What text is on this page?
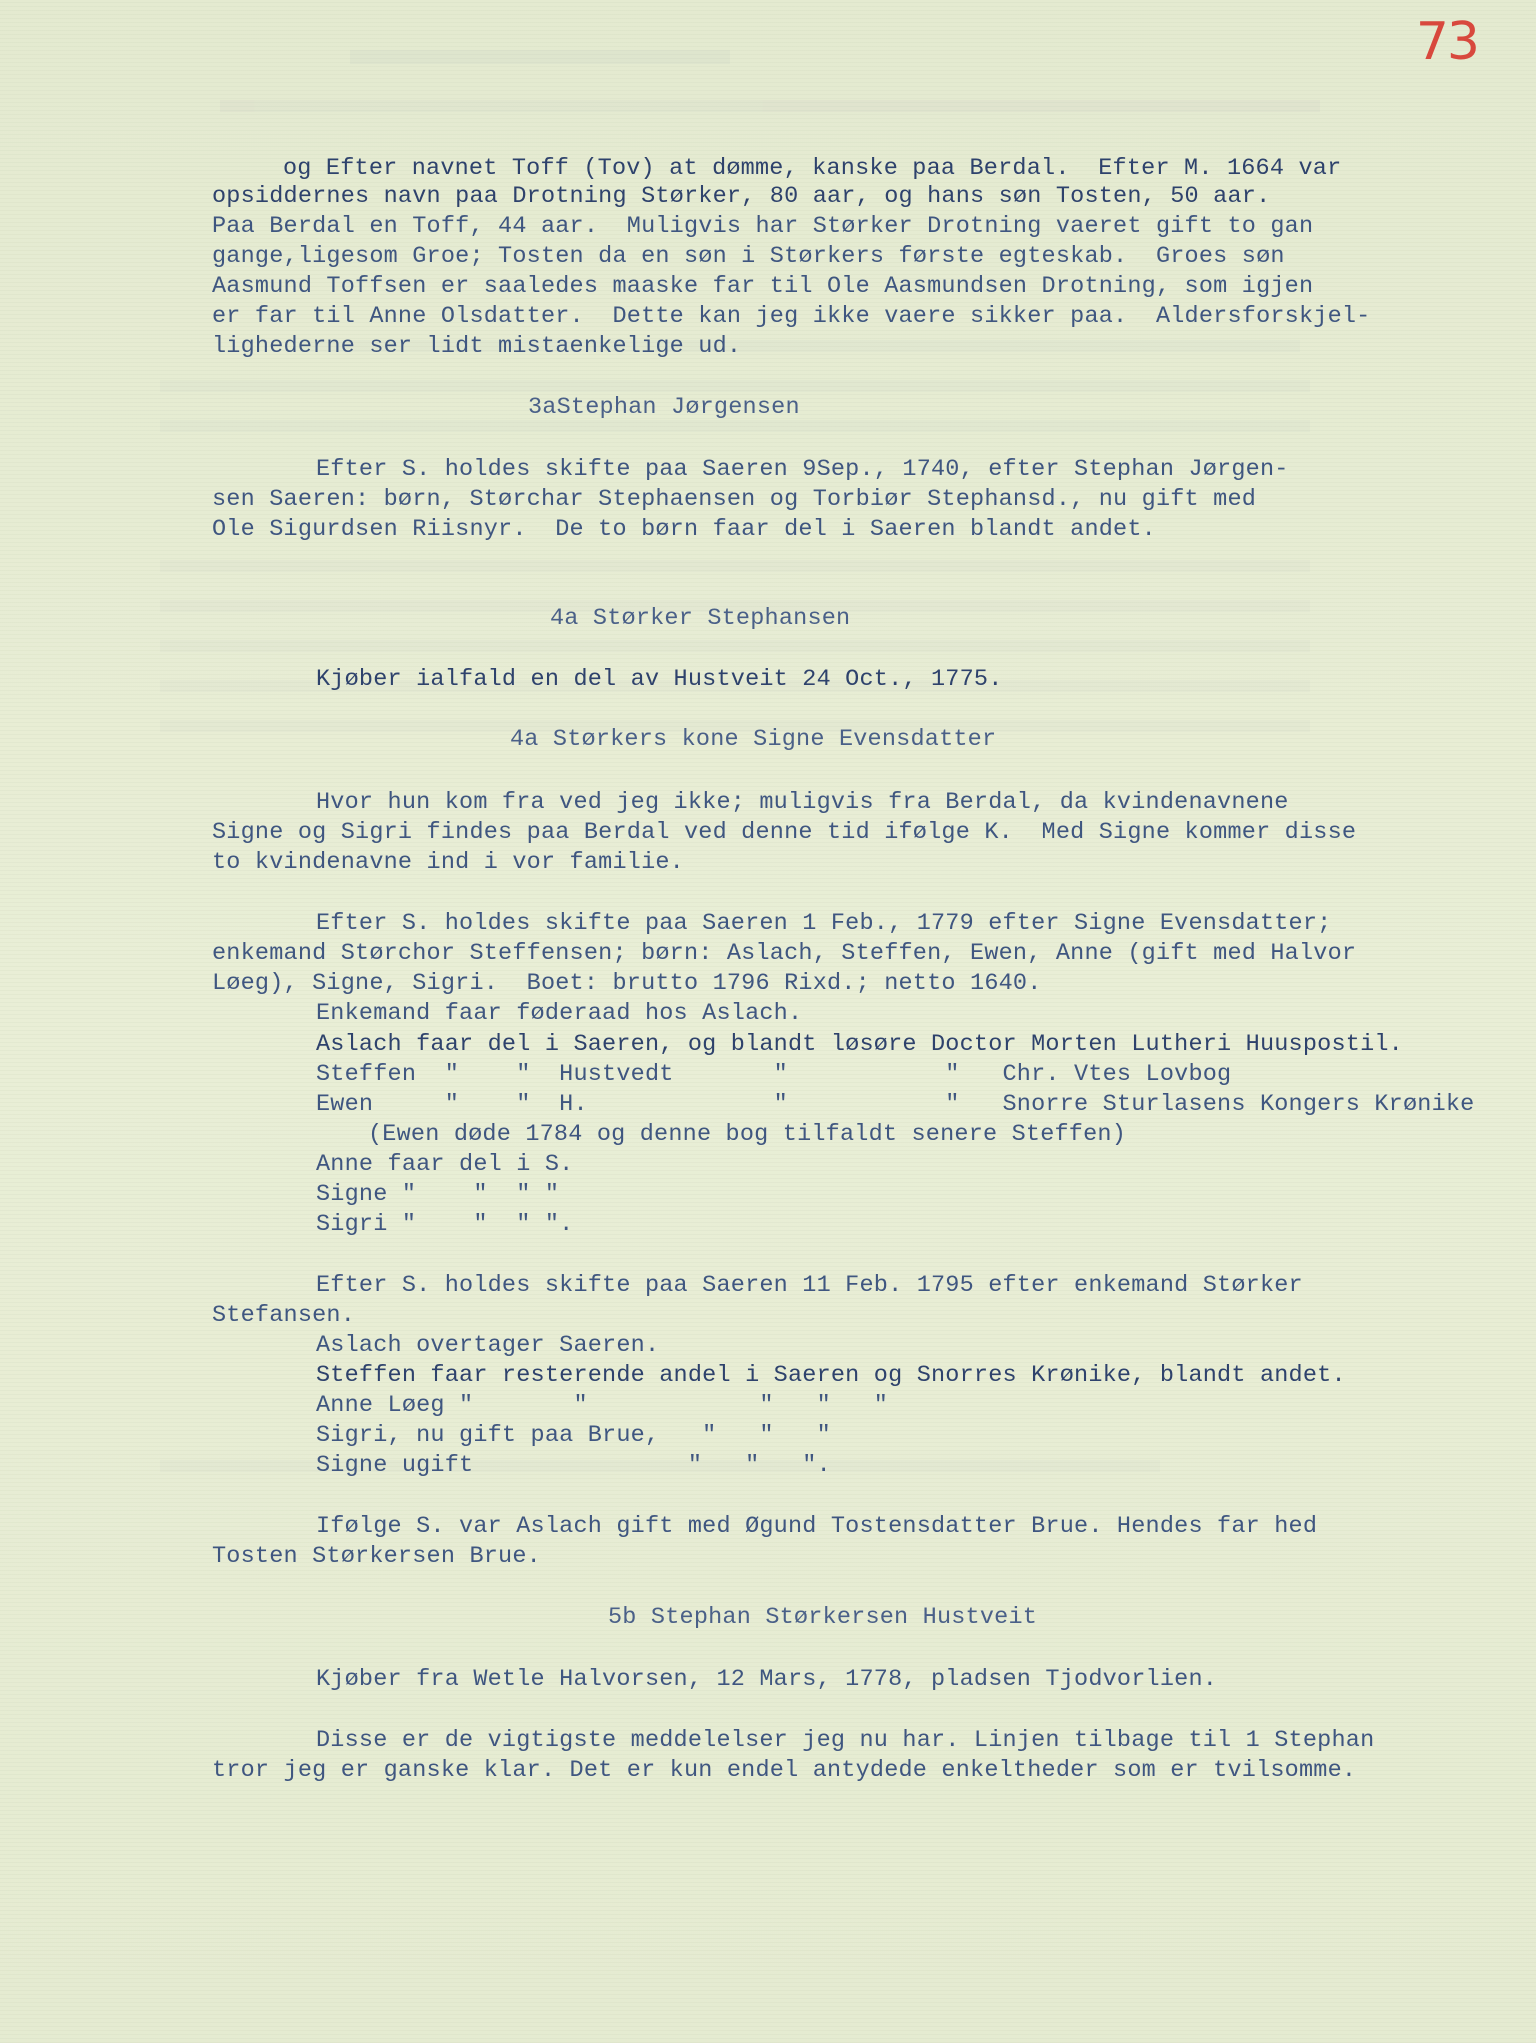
73
og Efter navnet Toff (Tov) at dømme, kanske paa Berdal.  Efter M. 1664 var
opsiddernes navn paa Drotning Størker, 80 aar, og hans søn Tosten, 50 aar.
Paa Berdal en Toff, 44 aar.  Muligvis har Størker Drotning vaeret gift to gan
gange,ligesom Groe; Tosten da en søn i Størkers første egteskab.  Groes søn
Aasmund Toffsen er saaledes maaske far til Ole Aasmundsen Drotning, som igjen
er far til Anne Olsdatter.  Dette kan jeg ikke vaere sikker paa.  Aldersforskjel-
lighederne ser lidt mistaenkelige ud.
3aStephan Jørgensen
Efter S. holdes skifte paa Saeren 9Sep., 1740, efter Stephan Jørgen-
sen Saeren: børn, Størchar Stephaensen og Torbiør Stephansd., nu gift med
Ole Sigurdsen Riisnyr.  De to børn faar del i Saeren blandt andet.
4a Størker Stephansen
Kjøber ialfald en del av Hustveit 24 Oct., 1775.
4a Størkers kone Signe Evensdatter
Hvor hun kom fra ved jeg ikke; muligvis fra Berdal, da kvindenavnene
Signe og Sigri findes paa Berdal ved denne tid ifølge K.  Med Signe kommer disse
to kvindenavne ind i vor familie.
Efter S. holdes skifte paa Saeren 1 Feb., 1779 efter Signe Evensdatter;
enkemand Størchor Steffensen; børn: Aslach, Steffen, Ewen, Anne (gift med Halvor
Løeg), Signe, Sigri.  Boet: brutto 1796 Rixd.; netto 1640.
Enkemand faar føderaad hos Aslach.
Aslach faar del i Saeren, og blandt løsøre Doctor Morten Lutheri Huuspostil.
Steffen  "    "  Hustvedt       "           "   Chr. Vtes Lovbog
Ewen     "    "  H.             "           "   Snorre Sturlasens Kongers Krønike
(Ewen døde 1784 og denne bog tilfaldt senere Steffen)
Anne faar del i S.
Signe "    "  " "
Sigri "    "  " ".
Efter S. holdes skifte paa Saeren 11 Feb. 1795 efter enkemand Størker
Stefansen.
Aslach overtager Saeren.
Steffen faar resterende andel i Saeren og Snorres Krønike, blandt andet.
Anne Løeg "       "            "   "   "
Sigri, nu gift paa Brue,   "   "   "
Signe ugift               "   "   ".
Ifølge S. var Aslach gift med Øgund Tostensdatter Brue. Hendes far hed
Tosten Størkersen Brue.
5b Stephan Størkersen Hustveit
Kjøber fra Wetle Halvorsen, 12 Mars, 1778, pladsen Tjodvorlien.
Disse er de vigtigste meddelelser jeg nu har. Linjen tilbage til 1 Stephan
tror jeg er ganske klar. Det er kun endel antydede enkeltheder som er tvilsomme.
